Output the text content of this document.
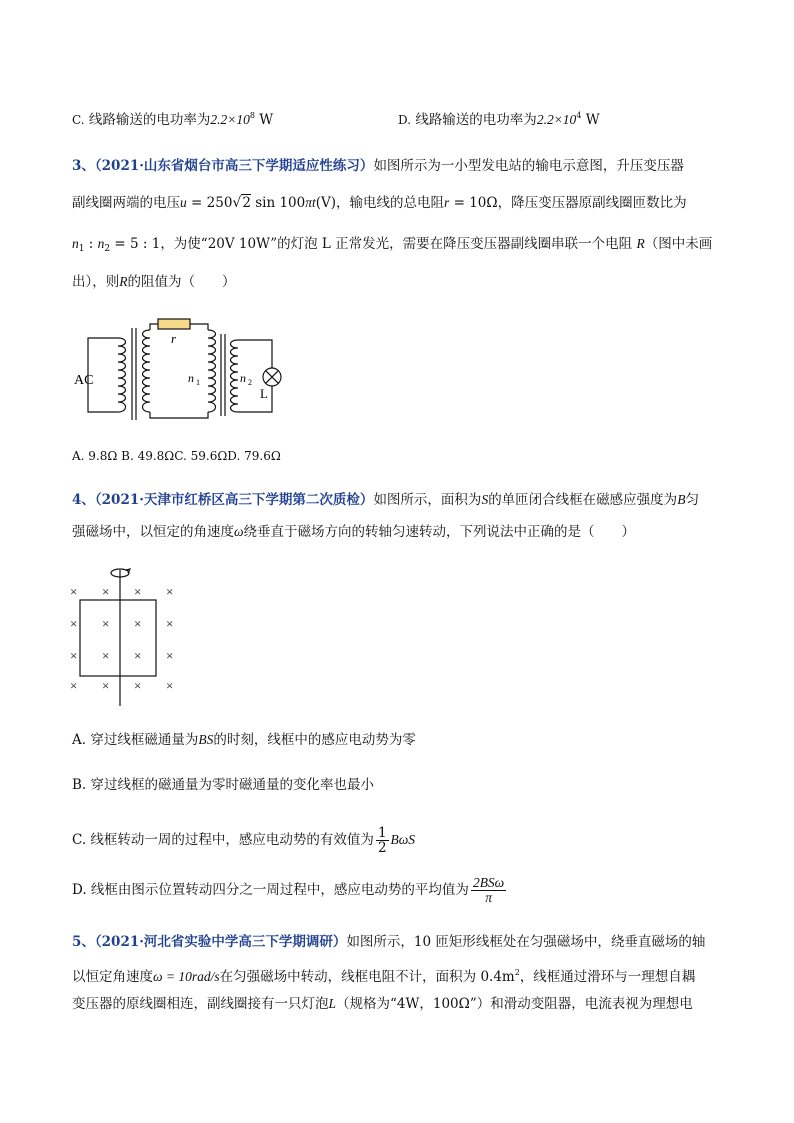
C. 线路输送的电功率为$2.2\times 10^8$ W	D. 线路输送的电功率为$2.2\times 10^4$ W
3、（2021·山东省烟台市高三下学期适应性练习）如图所示为一小型发电站的输电示意图，升压变压器
副线圈两端的电压u = 250√2 sin 100πt(V)，输电线的总电阻r = 10Ω，降压变压器原副线圈匝数比为
$n_1$ : $n_2 = 5$ : 1，为使“20V 10W”的灯泡 L 正常发光，需要在降压变压器副线圈串联一个电阻 R（图中未画
出），则R的阻值为（　　）
AC
r
n 1	n 2
L
A. 9.8Ω B. 49.8ΩC. 59.6ΩD. 79.6Ω
4、（2021·天津市红桥区高三下学期第二次质检）如图所示，面积为S的单匝闭合线框在磁感应强度为B匀
强磁场中，以恒定的角速度ω绕垂直于磁场方向的转轴匀速转动，下列说法中正确的是（　　）
× × × ×
× × × ×
× × × ×
× × × ×
A. 穿过线框磁通量为BS的时刻，线框中的感应电动势为零
B. 穿过线框的磁通量为零时磁通量的变化率也最小
C. 线框转动一周的过程中，感应电动势的有效值为 $\frac{1}{2}$ BωS
D. 线框由图示位置转动四分之一周过程中，感应电动势的平均值为 $\frac{\text{2BSω}}{\pi}$
5、（2021·河北省实验中学高三下学期调研）如图所示，10 匝矩形线框处在匀强磁场中，绕垂直磁场的轴
以恒定角速度ω = 10rad/s在匀强磁场中转动，线框电阻不计，面积为 $0.4m^2$，线框通过滑环与一理想自耦
变压器的原线圈相连，副线圈接有一只灯泡L（规格为“4W，100Ω”）和滑动变阻器，电流表视为理想电
